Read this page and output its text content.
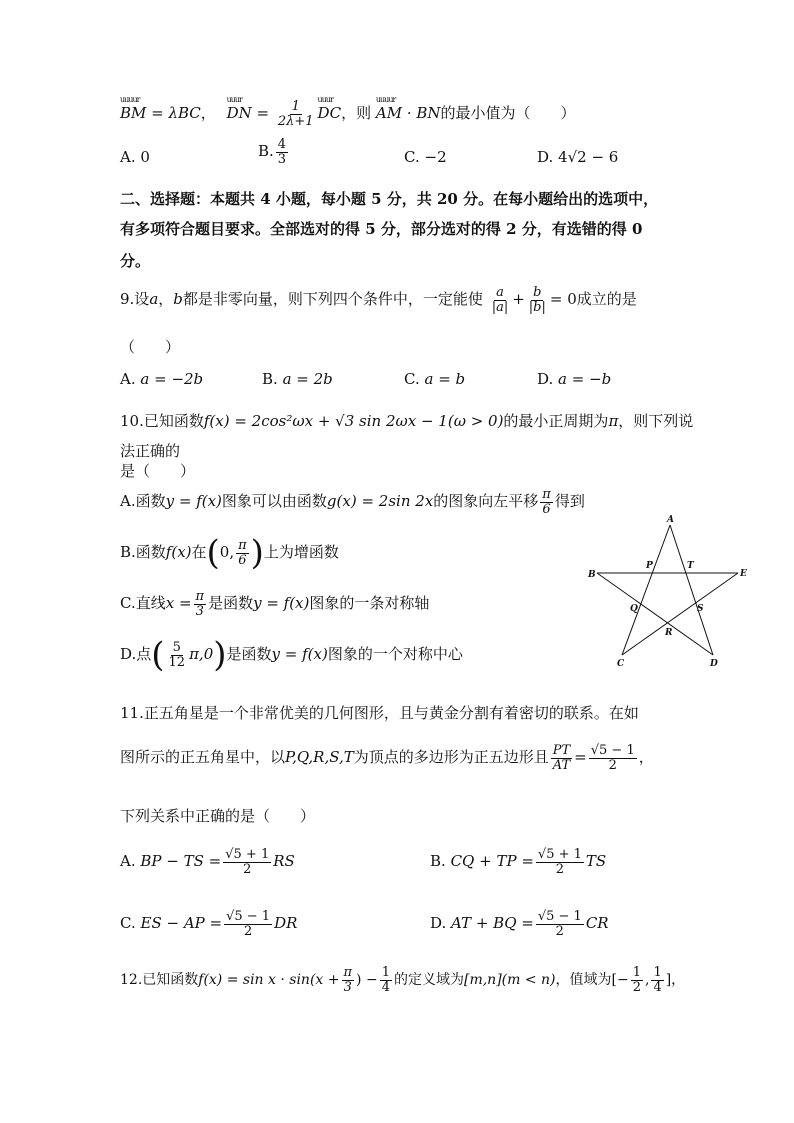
uuuur
BM = λBC，
uuur
DN = $\frac{1}{2\lambda+1}$
uuur
DC，则
uuuur
AM · BN的最小值为（　　）
A. 0	B. $\frac{4}{3}$	C. −2	D. 4√2 − 6
二、选择题：本题共 4 小题，每小题 5 分，共 20 分。在每小题给出的选项中，
有多项符合题目要求。全部选对的得 5 分，部分选对的得 2 分，有选错的得 0
分。
9.设a，b都是非零向量，则下列四个条件中，一定能使 $\frac{a}{|a|} + \frac{b}{|b|} = 0$成立的是
（　　）
A. a = −2b	B. a = 2b	C. a = b	D. a = −b
10.已知函数f(x) = 2cos²ωx + √3 sin 2ωx − 1(ω > 0)的最小正周期为π，则下列说
法正确的
是（　　）
A.函数y = f(x)图象可以由函数g(x) = 2sin 2x的图象向左平移 $\frac{\pi}{6}$ 得到
B.函数f(x)在(0, $\frac{\pi}{6}$ )上为增函数
C.直线$x = \frac{\pi}{3}$ 是函数y = f(x)图象的一条对称轴
D.点( $\frac{5}{12} \pi,0$)是函数y = f(x)图象的一个对称中心
A
B	E
P	T
Q	S
R
C	D
11.正五角星是一个非常优美的几何图形，且与黄金分割有着密切的联系。在如
图所示的正五角星中，以P,Q,R,S,T为顶点的多边形为正五边形且 $\frac{PT}{AT} = \frac{√5 - 1}{2}$ ，
下列关系中正确的是（　　）
A. BP − TS = $\frac{√5 + 1}{2}$ RS	B. CQ + TP = $\frac{√5 + 1}{2}$ TS
C. ES − AP = $\frac{√5 - 1}{2}$ DR	D. AT + BQ = $\frac{√5 - 1}{2}$ CR
12.已知函数$f(x) = \sin x \cdot \sin(x + \frac{\pi}{3}$ ) − $\frac{1}{4}$ 的定义域为[m,n](m < n)，值域为[− $\frac{1}{2}$ , $\frac{1}{4}$ ]，
